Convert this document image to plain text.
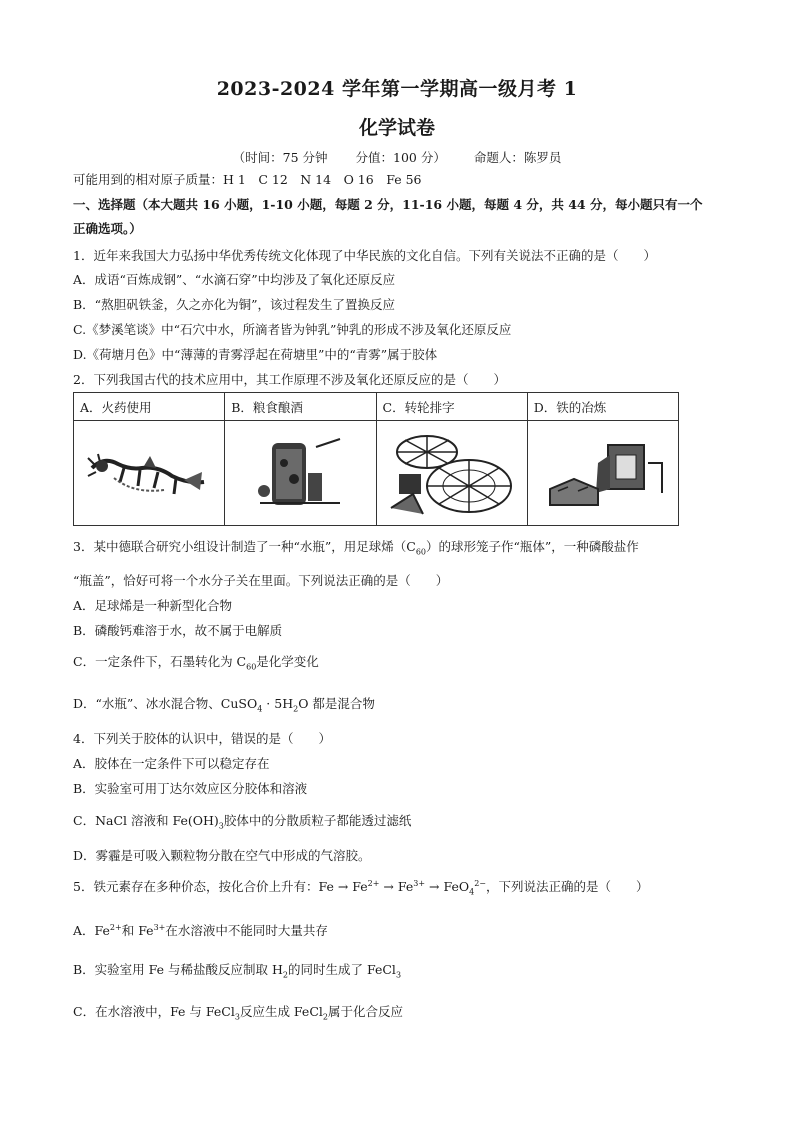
2023-2024 学年第一学期高一级月考 1
化学试卷
（时间：75 分钟 分值：100 分） 命题人：陈罗员
可能用到的相对原子质量：H 1　C 12　N 14　O 16　Fe 56
一、选择题（本大题共 16 小题，1-10 小题，每题 2 分，11-16 小题，每题 4 分，共 44 分，每小题只有一个
正确选项。）
1．近年来我国大力弘扬中华优秀传统文化体现了中华民族的文化自信。下列有关说法不正确的是（　　）
A．成语“百炼成钢”、“水滴石穿”中均涉及了氧化还原反应
B．“熬胆矾铁釜，久之亦化为铜”，该过程发生了置换反应
C.《梦溪笔谈》中“石穴中水，所滴者皆为钟乳”钟乳的形成不涉及氧化还原反应
D.《荷塘月色》中“薄薄的青雾浮起在荷塘里”中的“青雾”属于胶体
2．下列我国古代的技术应用中，其工作原理不涉及氧化还原反应的是（　　）
A．火药使用	B．粮食酿酒	C．转轮排字	D．铁的冶炼

3．某中德联合研究小组设计制造了一种“水瓶”，用足球烯$(C_{60})$的球形笼子作“瓶体”，一种磷酸盐作
“瓶盖”，恰好可将一个水分子关在里面。下列说法正确的是（　　）
A．足球烯是一种新型化合物
B．磷酸钙难溶于水，故不属于电解质
C．一定条件下，石墨转化为 $C_{60}$是化学变化
D．“水瓶”、冰水混合物、CuSO$_4$ · $5H_2O$ 都是混合物
4．下列关于胶体的认识中，错误的是（　　）
A．胶体在一定条件下可以稳定存在
B．实验室可用丁达尔效应区分胶体和溶液
C．NaCl 溶液和 $Fe(OH)_3$胶体中的分散质粒子都能透过滤纸
D．雾霾是可吸入颗粒物分散在空气中形成的气溶胶。
5．铁元素存在多种价态，按化合价上升有：$Fe \to Fe^{2+} \to Fe^{3+} \to FeO_4^{2-}$，下列说法正确的是（　　）
A．$Fe^{2+}$和 $Fe^{3+}$在水溶液中不能同时大量共存
B．实验室用 Fe 与稀盐酸反应制取 $H_2$的同时生成了 FeCl$_3$
C．在水溶液中，Fe 与 FeCl$_3$反应生成 FeCl$_2$属于化合反应
